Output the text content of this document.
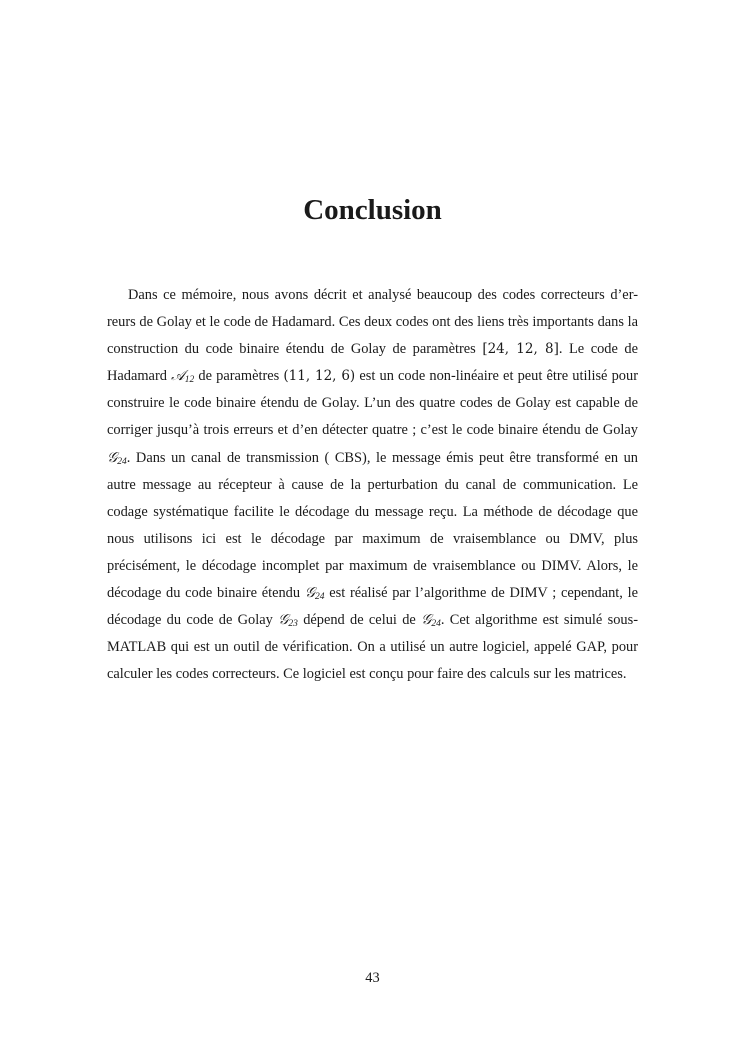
Conclusion

Dans ce mémoire, nous avons décrit et analysé beaucoup des codes correcteurs d’er-reurs de Golay et le code de Hadamard. Ces deux codes ont des liens très importants dans la construction du code binaire étendu de Golay de paramètres [24, 12, 8]. Le code de Hadamard 𝒜$_{12}$ de paramètres (11, 12, 6) est un code non-linéaire et peut être utilisé pour construire le code binaire étendu de Golay. L’un des quatre codes de Golay est capable de corriger jusqu’à trois erreurs et d’en détecter quatre ; c’est le code binaire étendu de Golay 𝒢$_{24}$. Dans un canal de transmission ( CBS), le message émis peut être transformé en un autre message au récepteur à cause de la perturbation du canal de communication. Le codage systématique facilite le décodage du message reçu. La méthode de décodage que nous utilisons ici est le décodage par maximum de vraisemblance ou DMV, plus précisément, le décodage incomplet par maximum de vraisemblance ou DIMV. Alors, le décodage du code binaire étendu 𝒢$_{24}$ est réalisé par l’algorithme de DIMV ; cependant, le décodage du code de Golay 𝒢$_{23}$ dépend de celui de 𝒢$_{24}$. Cet algorithme est simulé sous-MATLAB qui est un outil de vérification. On a utilisé un autre logiciel, appelé GAP, pour calculer les codes correcteurs. Ce logiciel est conçu pour faire des calculs sur les matrices.

43
